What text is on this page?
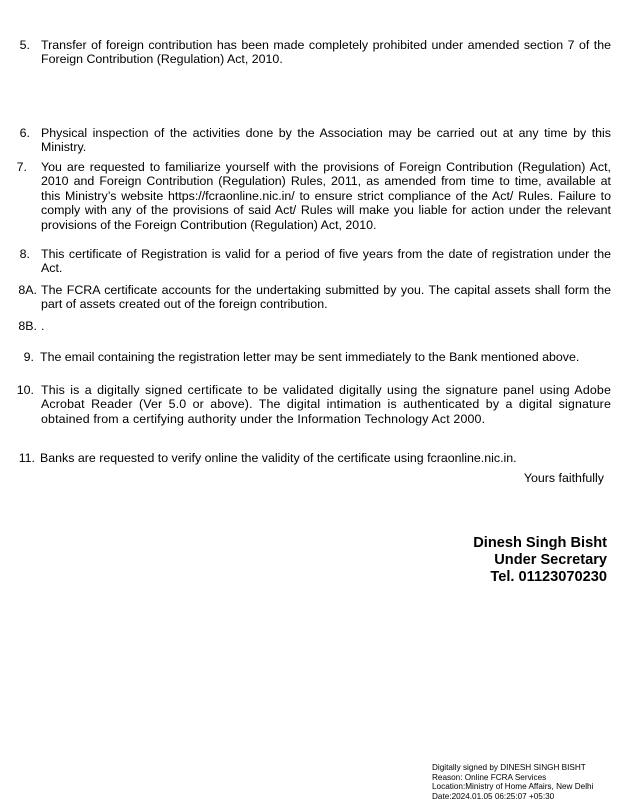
5. Transfer of foreign contribution has been made completely prohibited under amended section 7 of the Foreign Contribution (Regulation) Act, 2010.
6. Physical inspection of the activities done by the Association may be carried out at any time by this Ministry.
7. You are requested to familiarize yourself with the provisions of Foreign Contribution (Regulation) Act, 2010 and Foreign Contribution (Regulation) Rules, 2011, as amended from time to time, available at this Ministry’s website https://fcraonline.nic.in/ to ensure strict compliance of the Act/ Rules. Failure to comply with any of the provisions of said Act/ Rules will make you liable for action under the relevant provisions of the Foreign Contribution (Regulation) Act, 2010.
8. This certificate of Registration is valid for a period of five years from the date of registration under the Act.
8A. The FCRA certificate accounts for the undertaking submitted by you. The capital assets shall form the part of assets created out of the foreign contribution.
8B. .
9. The email containing the registration letter may be sent immediately to the Bank mentioned above.
10. This is a digitally signed certificate to be validated digitally using the signature panel using Adobe Acrobat Reader (Ver 5.0 or above). The digital intimation is authenticated by a digital signature obtained from a certifying authority under the Information Technology Act 2000.
11. Banks are requested to verify online the validity of the certificate using fcraonline.nic.in.
Yours faithfully
Dinesh Singh Bisht
Under Secretary
Tel. 01123070230
Digitally signed by DINESH SINGH BISHT
Reason: Online FCRA Services
Location:Ministry of Home Affairs, New Delhi
Date:2024.01.05 06:25:07 +05:30
